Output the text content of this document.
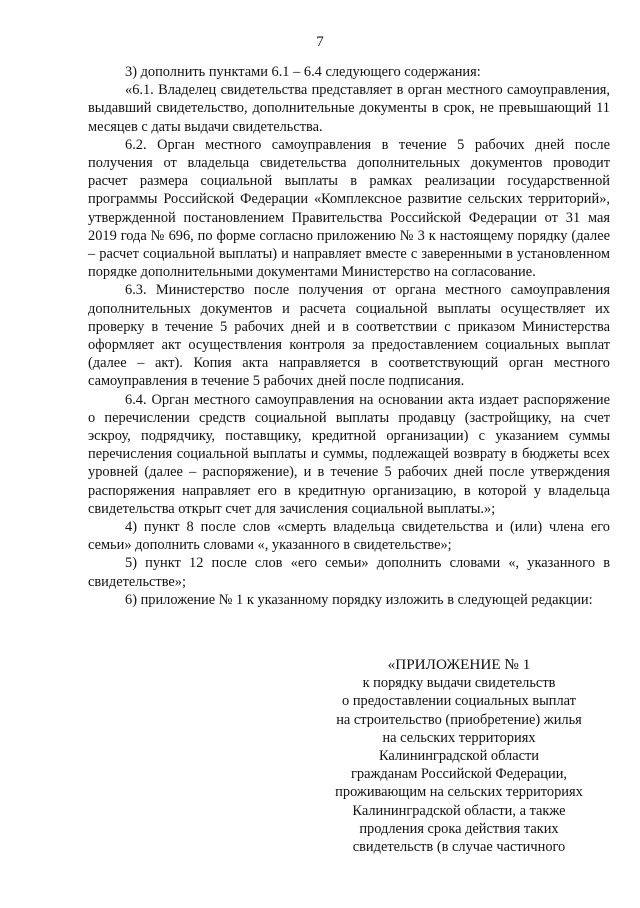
7

3) дополнить пунктами 6.1 – 6.4 следующего содержания:

«6.1. Владелец свидетельства представляет в орган местного самоуправления, выдавший свидетельство, дополнительные документы в срок, не превышающий 11 месяцев с даты выдачи свидетельства.

6.2. Орган местного самоуправления в течение 5 рабочих дней после получения от владельца свидетельства дополнительных документов проводит расчет размера социальной выплаты в рамках реализации государственной программы Российской Федерации «Комплексное развитие сельских территорий», утвержденной постановлением Правительства Российской Федерации от 31 мая 2019 года № 696, по форме согласно приложению № 3 к настоящему порядку (далее – расчет социальной выплаты) и направляет вместе с заверенными в установленном порядке дополнительными документами Министерство на согласование.

6.3. Министерство после получения от органа местного самоуправления дополнительных документов и расчета социальной выплаты осуществляет их проверку в течение 5 рабочих дней и в соответствии с приказом Министерства оформляет акт осуществления контроля за предоставлением социальных выплат (далее – акт). Копия акта направляется в соответствующий орган местного самоуправления в течение 5 рабочих дней после подписания.

6.4. Орган местного самоуправления на основании акта издает распоряжение о перечислении средств социальной выплаты продавцу (застройщику, на счет эскроу, подрядчику, поставщику, кредитной организации) с указанием суммы перечисления социальной выплаты и суммы, подлежащей возврату в бюджеты всех уровней (далее – распоряжение), и в течение 5 рабочих дней после утверждения распоряжения направляет его в кредитную организацию, в которой у владельца свидетельства открыт счет для зачисления социальной выплаты.»;

4) пункт 8 после слов «смерть владельца свидетельства и (или) члена его семьи» дополнить словами «, указанного в свидетельстве»;

5) пункт 12 после слов «его семьи» дополнить словами «, указанного в свидетельстве»;

6) приложение № 1 к указанному порядку изложить в следующей редакции:

«ПРИЛОЖЕНИЕ № 1

к порядку выдачи свидетельств

о предоставлении социальных выплат

на строительство (приобретение) жилья

на сельских территориях

Калининградской области

гражданам Российской Федерации,

проживающим на сельских территориях

Калининградской области, а также

продления срока действия таких

свидетельств (в случае частичного
